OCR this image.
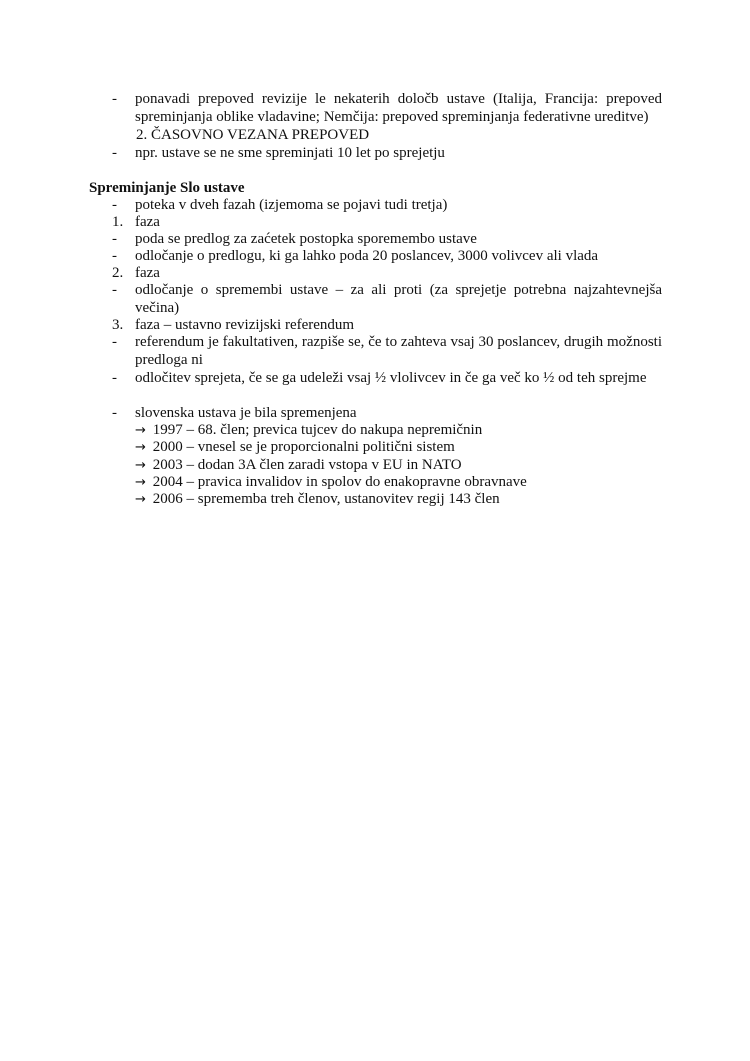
-	ponavadi prepoved revizije le nekaterih določb ustave (Italija, Francija: prepoved spreminjanja oblike vladavine; Nemčija: prepoved spreminjanja federativne ureditve)
2. ČASOVNO VEZANA PREPOVED
-	npr. ustave se ne sme spreminjati 10 let po sprejetju
Spreminjanje Slo ustave
-	poteka v dveh fazah (izjemoma se pojavi tudi tretja)
1. faza
-	poda se predlog za zaćetek postopka sporemembo ustave
-	odločanje o predlogu, ki ga lahko poda 20 poslancev, 3000 volivcev ali vlada
2. faza
-	odločanje o spremembi ustave – za ali proti (za sprejetje potrebna najzahtevnejša večina)
3. faza – ustavno revizijski referendum
-	referendum je fakultativen, razpiše se, če to zahteva vsaj 30 poslancev, drugih možnosti predloga ni
-	odločitev sprejeta, če se ga udeleži vsaj ½ vlolivcev in če ga več ko ½ od teh sprejme
-	slovenska ustava je bila spremenjena
→ 1997 – 68. člen; previca tujcev do nakupa nepremičnin
→ 2000 – vnesel se je proporcionalni politični sistem
→ 2003 – dodan 3A člen zaradi vstopa v EU in NATO
→ 2004 – pravica invalidov in spolov do enakopravne obravnave
→ 2006 – sprememba treh členov, ustanovitev regij 143 člen
